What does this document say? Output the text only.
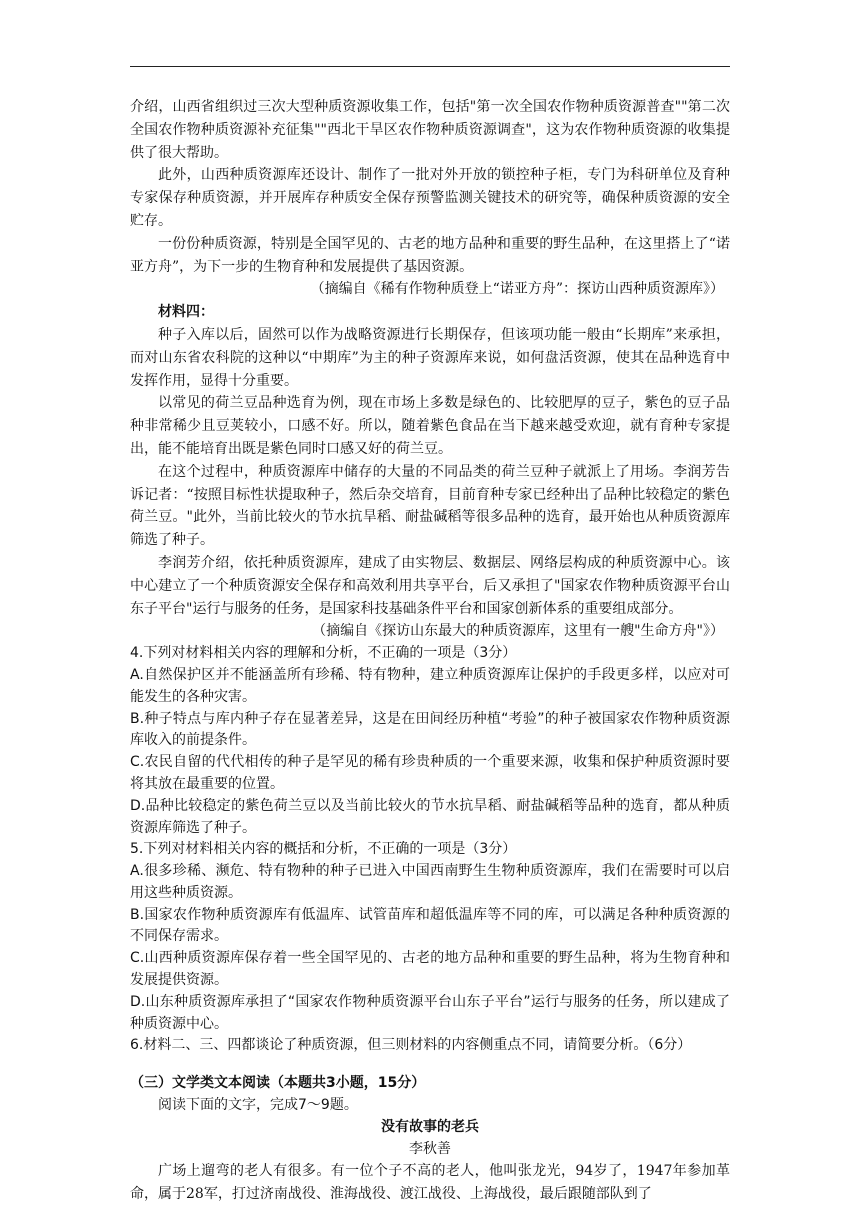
介绍，山西省组织过三次大型种质资源收集工作，包括"第一次全国农作物种质资源普查""第二次全国农作物种质资源补充征集""西北干旱区农作物种质资源调查"，这为农作物种质资源的收集提供了很大帮助。

此外，山西种质资源库还设计、制作了一批对外开放的锁控种子柜，专门为科研单位及育种专家保存种质资源，并开展库存种质安全保存预警监测关键技术的研究等，确保种质资源的安全贮存。

一份份种质资源，特别是全国罕见的、古老的地方品种和重要的野生品种，在这里搭上了“诺亚方舟”，为下一步的生物育种和发展提供了基因资源。

（摘编自《稀有作物种质登上“诺亚方舟”：探访山西种质资源库》）

材料四：

种子入库以后，固然可以作为战略资源进行长期保存，但该项功能一般由“长期库”来承担，而对山东省农科院的这种以“中期库”为主的种子资源库来说，如何盘活资源，使其在品种选育中发挥作用，显得十分重要。

以常见的荷兰豆品种选育为例，现在市场上多数是绿色的、比较肥厚的豆子，紫色的豆子品种非常稀少且豆荚较小，口感不好。所以，随着紫色食品在当下越来越受欢迎，就有育种专家提出，能不能培育出既是紫色同时口感又好的荷兰豆。

在这个过程中，种质资源库中储存的大量的不同品类的荷兰豆种子就派上了用场。李润芳告诉记者：“按照目标性状提取种子，然后杂交培育，目前育种专家已经种出了品种比较稳定的紫色荷兰豆。"此外，当前比较火的节水抗旱稻、耐盐碱稻等很多品种的选育，最开始也从种质资源库筛选了种子。

李润芳介绍，依托种质资源库，建成了由实物层、数据层、网络层构成的种质资源中心。该中心建立了一个种质资源安全保存和高效利用共享平台，后又承担了"国家农作物种质资源平台山东子平台"运行与服务的任务，是国家科技基础条件平台和国家创新体系的重要组成部分。

（摘编自《探访山东最大的种质资源库，这里有一艘"生命方舟"》）

4.下列对材料相关内容的理解和分析，不正确的一项是（3分）

A.自然保护区并不能涵盖所有珍稀、特有物种，建立种质资源库让保护的手段更多样，以应对可能发生的各种灾害。

B.种子特点与库内种子存在显著差异，这是在田间经历种植“考验”的种子被国家农作物种质资源库收入的前提条件。

C.农民自留的代代相传的种子是罕见的稀有珍贵种质的一个重要来源，收集和保护种质资源时要将其放在最重要的位置。

D.品种比较稳定的紫色荷兰豆以及当前比较火的节水抗旱稻、耐盐碱稻等品种的选育，都从种质资源库筛选了种子。

5.下列对材料相关内容的概括和分析，不正确的一项是（3分）

A.很多珍稀、濒危、特有物种的种子已进入中国西南野生生物种质资源库，我们在需要时可以启用这些种质资源。

B.国家农作物种质资源库有低温库、试管苗库和超低温库等不同的库，可以满足各种种质资源的不同保存需求。

C.山西种质资源库保存着一些全国罕见的、古老的地方品种和重要的野生品种，将为生物育种和发展提供资源。

D.山东种质资源库承担了“国家农作物种质资源平台山东子平台”运行与服务的任务，所以建成了种质资源中心。

6.材料二、三、四都谈论了种质资源，但三则材料的内容侧重点不同，请简要分析。（6分）

（三）文学类文本阅读（本题共3小题，15分）

阅读下面的文字，完成7～9题。

没有故事的老兵

李秋善

广场上遛弯的老人有很多。有一位个子不高的老人，他叫张龙光，94岁了，1947年参加革命，属于28军，打过济南战役、淮海战役、渡江战役、上海战役，最后跟随部队到了
